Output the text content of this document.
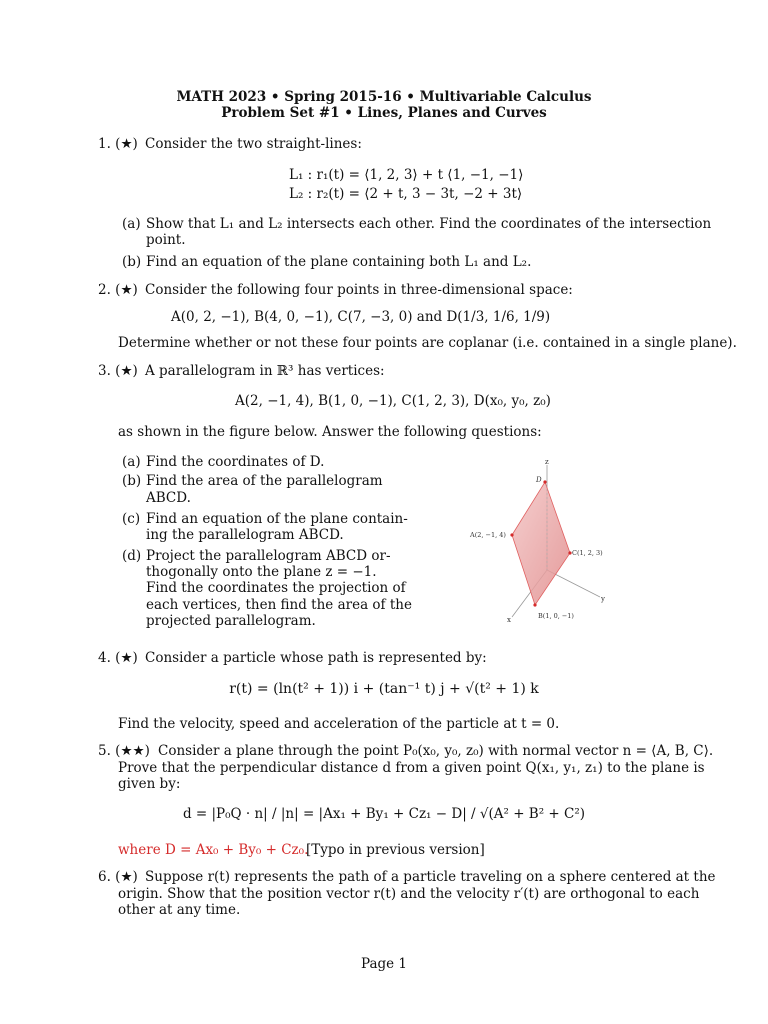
MATH 2023 • Spring 2015-16 • Multivariable Calculus
Problem Set #1 • Lines, Planes and Curves
1. (★) Consider the two straight-lines:
L₁ : r₁(t) = ⟨1, 2, 3⟩ + t ⟨1, −1, −1⟩
L₂ : r₂(t) = ⟨2 + t, 3 − 3t, −2 + 3t⟩
(a) Show that L₁ and L₂ intersects each other. Find the coordinates of the intersection
point.
(b) Find an equation of the plane containing both L₁ and L₂.
2. (★) Consider the following four points in three-dimensional space:
A(0, 2, −1), B(4, 0, −1), C(7, −3, 0) and D(1/3, 1/6, 1/9)
Determine whether or not these four points are coplanar (i.e. contained in a single plane).
3. (★) A parallelogram in ℝ³ has vertices:
A(2, −1, 4), B(1, 0, −1), C(1, 2, 3), D(x₀, y₀, z₀)
as shown in the figure below. Answer the following questions:
(a) Find the coordinates of D.
(b) Find the area of the parallelogram
ABCD.
(c) Find an equation of the plane contain-
ing the parallelogram ABCD.
(d) Project the parallelogram ABCD or-
thogonally onto the plane z = −1.
Find the coordinates the projection of
each vertices, then find the area of the
projected parallelogram.
z
y
x
D
A(2, −1, 4)
C(1, 2, 3)
B(1, 0, −1)
4. (★) Consider a particle whose path is represented by:
r(t) = (ln(t² + 1)) i + (tan⁻¹ t) j + √(t² + 1) k
Find the velocity, speed and acceleration of the particle at t = 0.
5. (★★) Consider a plane through the point P₀(x₀, y₀, z₀) with normal vector n = ⟨A, B, C⟩.
Prove that the perpendicular distance d from a given point Q(x₁, y₁, z₁) to the plane is
given by:
d = |P₀Q · n| / |n| = |Ax₁ + By₁ + Cz₁ − D| / √(A² + B² + C²)
where D = Ax₀ + By₀ + Cz₀.
[Typo in previous version]
6. (★) Suppose r(t) represents the path of a particle traveling on a sphere centered at the
origin. Show that the position vector r(t) and the velocity r′(t) are orthogonal to each
other at any time.
Page 1
